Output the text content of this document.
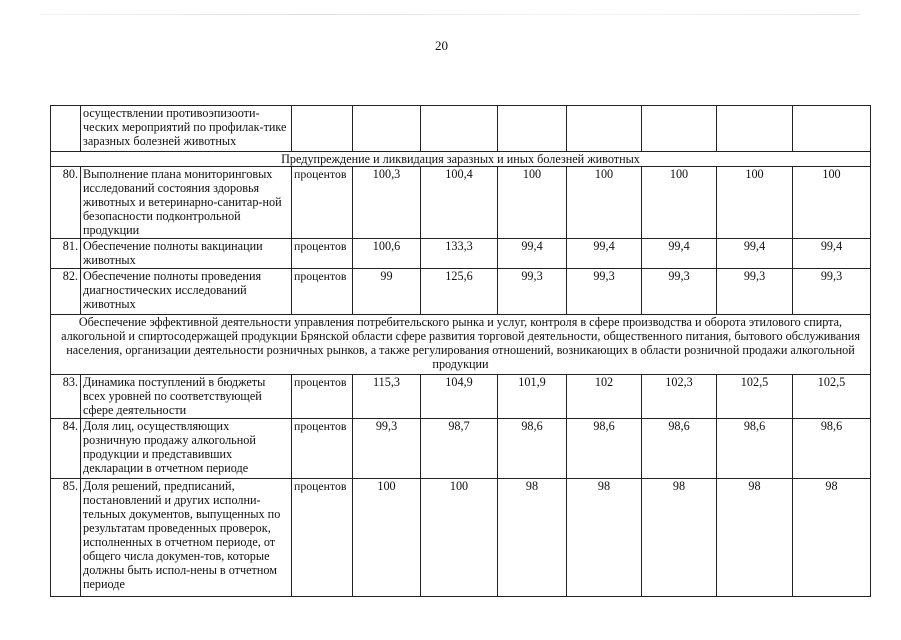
20
	осуществлении противоэпизооти-ческих мероприятий по профилак-тике заразных болезней животных								
Предупреждение и ликвидация заразных и иных болезней животных									
80.	Выполнение плана мониторинговых исследований состояния здоровья животных и ветеринарно-санитар-ной безопасности подконтрольной продукции	процентов	100,3	100,4	100	100	100	100	100
81.	Обеспечение полноты вакцинации животных	процентов	100,6	133,3	99,4	99,4	99,4	99,4	99,4
82.	Обеспечение полноты проведения диагностических исследований животных	процентов	99	125,6	99,3	99,3	99,3	99,3	99,3
Обеспечение эффективной деятельности управления потребительского рынка и услуг, контроля в сфере производства и оборота этилового спирта, алкогольной и спиртосодержащей продукции Брянской области сфере развития торговой деятельности, общественного питания, бытового обслуживания населения, организации деятельности розничных рынков, а также регулирования отношений, возникающих в области розничной продажи алкогольной продукции									
83.	Динамика поступлений в бюджеты всех уровней по соответствующей сфере деятельности	процентов	115,3	104,9	101,9	102	102,3	102,5	102,5
84.	Доля лиц, осуществляющих розничную продажу алкогольной продукции и представивших декларации в отчетном периоде	процентов	99,3	98,7	98,6	98,6	98,6	98,6	98,6
85.	Доля решений, предписаний, постановлений и других исполни-тельных документов, выпущенных по результатам проведенных проверок, исполненных в отчетном периоде, от общего числа докумен-тов, которые должны быть испол-нены в отчетном периоде	процентов	100	100	98	98	98	98	98
